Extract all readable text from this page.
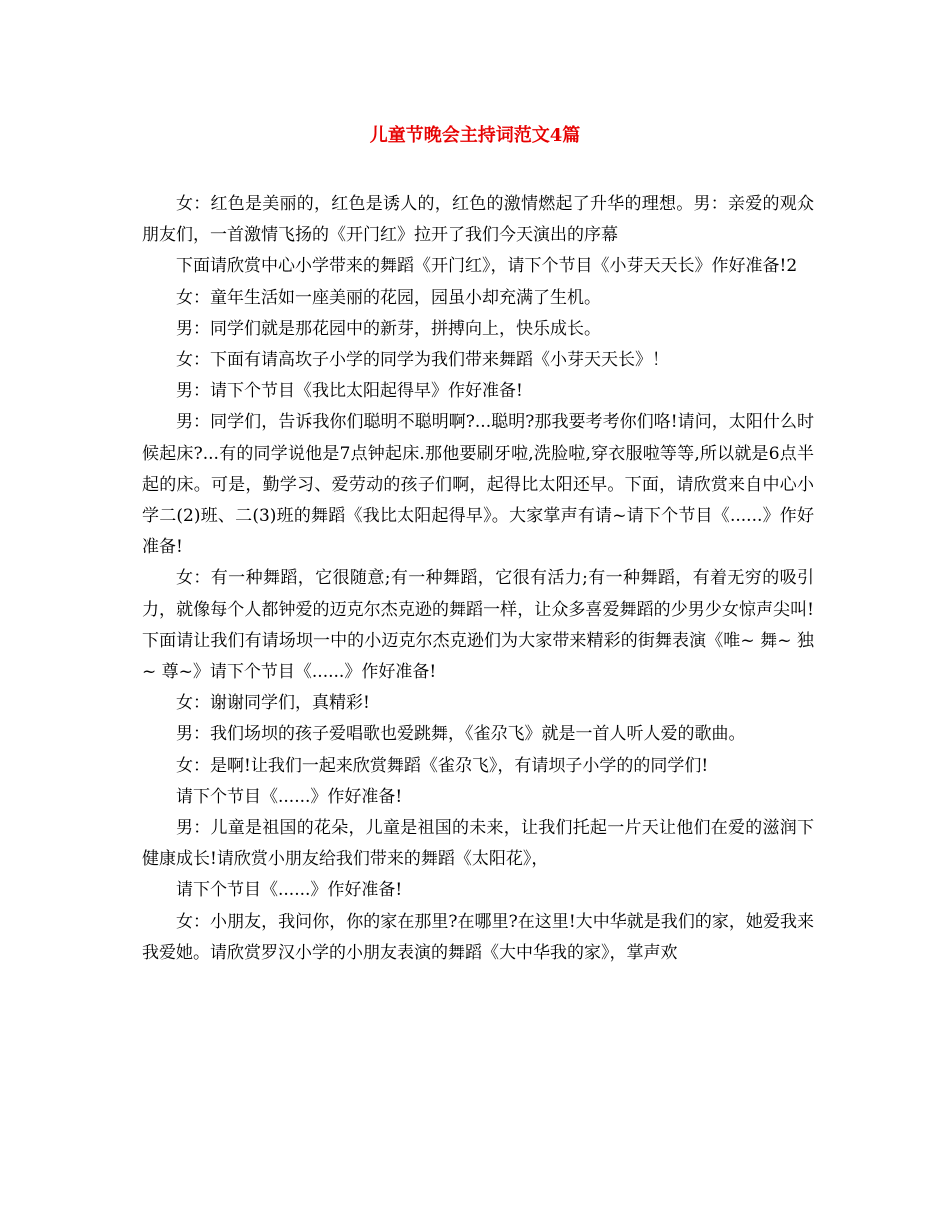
儿童节晚会主持词范文4篇

女：红色是美丽的，红色是诱人的，红色的激情燃起了升华的理想。男：亲爱的观众朋友们，一首激情飞扬的《开门红》拉开了我们今天演出的序幕

下面请欣赏中心小学带来的舞蹈《开门红》，请下个节目《小芽天天长》作好准备!2

女：童年生活如一座美丽的花园，园虽小却充满了生机。

男：同学们就是那花园中的新芽，拼搏向上，快乐成长。

女：下面有请高坎子小学的同学为我们带来舞蹈《小芽天天长》！

男：请下个节目《我比太阳起得早》作好准备!

男：同学们，告诉我你们聪明不聪明啊?...聪明?那我要考考你们咯!请问，太阳什么时候起床?...有的同学说他是7点钟起床.那他要刷牙啦,洗脸啦,穿衣服啦等等,所以就是6点半起的床。可是，勤学习、爱劳动的孩子们啊，起得比太阳还早。下面，请欣赏来自中心小学二(2)班、二(3)班的舞蹈《我比太阳起得早》。大家掌声有请~请下个节目《......》作好准备!

女：有一种舞蹈，它很随意;有一种舞蹈，它很有活力;有一种舞蹈，有着无穷的吸引力，就像每个人都钟爱的迈克尔杰克逊的舞蹈一样，让众多喜爱舞蹈的少男少女惊声尖叫!下面请让我们有请场坝一中的小迈克尔杰克逊们为大家带来精彩的街舞表演《唯~ 舞~ 独~ 尊~》请下个节目《......》作好准备!

女：谢谢同学们，真精彩!

男：我们场坝的孩子爱唱歌也爱跳舞，《雀尕飞》就是一首人听人爱的歌曲。

女：是啊!让我们一起来欣赏舞蹈《雀尕飞》，有请坝子小学的的同学们!

请下个节目《......》作好准备!

男：儿童是祖国的花朵，儿童是祖国的未来，让我们托起一片天让他们在爱的滋润下健康成长!请欣赏小朋友给我们带来的舞蹈《太阳花》，

请下个节目《......》作好准备!

女：小朋友，我问你，你的家在那里?在哪里?在这里!大中华就是我们的家，她爱我来我爱她。请欣赏罗汉小学的小朋友表演的舞蹈《大中华我的家》，掌声欢
